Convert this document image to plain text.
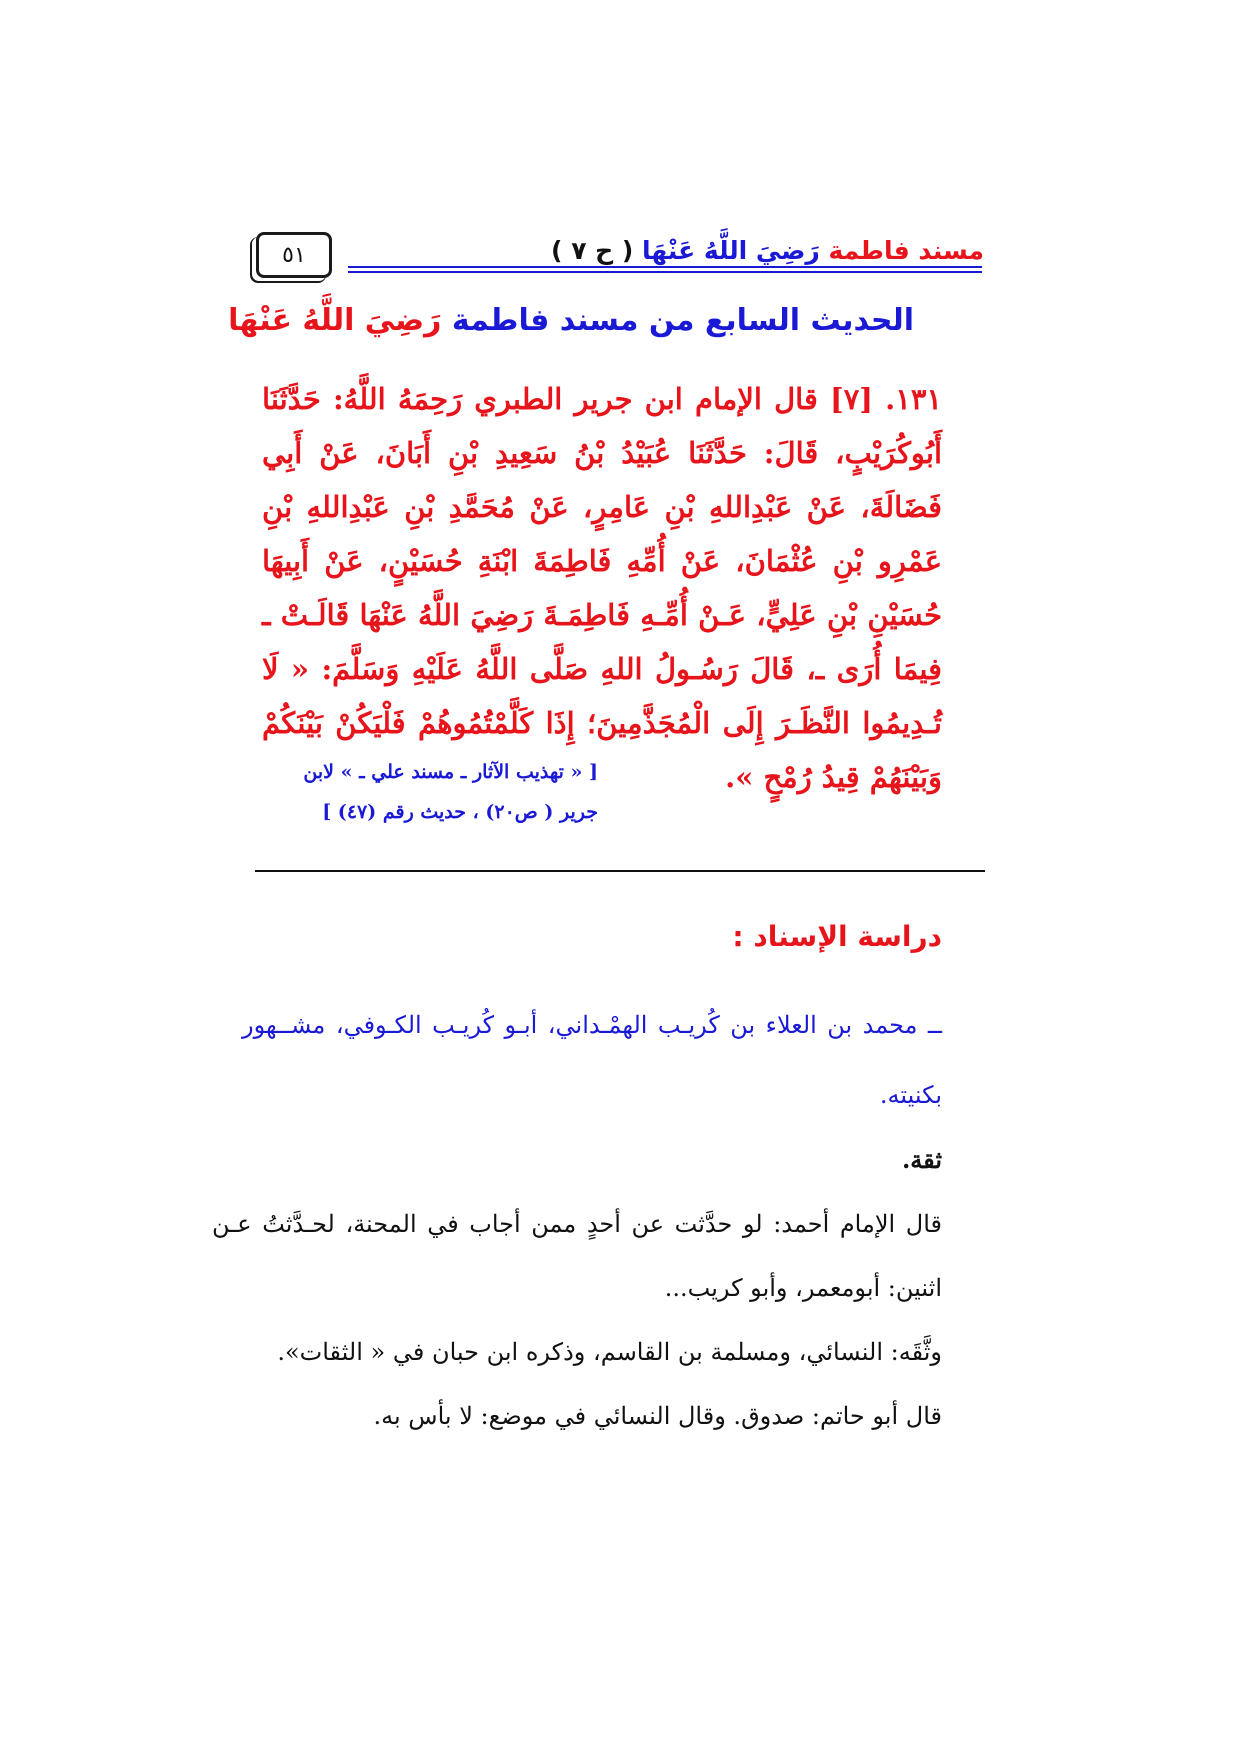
مسند فاطمة رَضِيَ اللَّهُ عَنْهَا ( ح ٧ )
٥١
الحديث السابع من مسند فاطمة رَضِيَ اللَّهُ عَنْهَا
١٣١. [٧] قال الإمام ابن جرير الطبري رَحِمَهُ اللَّهُ: حَدَّثَنَا أَبُوكُرَيْبٍ، قَالَ: حَدَّثَنَا عُبَيْدُ بْنُ سَعِيدِ بْنِ أَبَانَ، عَنْ أَبِي فَضَالَةَ، عَنْ عَبْدِاللهِ بْنِ عَامِرٍ، عَنْ مُحَمَّدِ بْنِ عَبْدِاللهِ بْنِ عَمْرِو بْنِ عُثْمَانَ، عَنْ أُمِّهِ فَاطِمَةَ ابْنَةِ حُسَيْنٍ، عَنْ أَبِيهَا حُسَيْنِ بْنِ عَلِيٍّ، عَـنْ أُمِّـهِ فَاطِمَـةَ رَضِيَ اللَّهُ عَنْهَا قَالَـتْ ـ فِيمَا أُرَى ـ، قَالَ رَسُـولُ اللهِ صَلَّى اللَّهُ عَلَيْهِ وَسَلَّمَ: « لَا تُـدِيمُوا النَّظَـرَ إِلَى الْمُجَذَّمِينَ؛ إِذَا كَلَّمْتُمُوهُمْ فَلْيَكُنْ بَيْنَكُمْ وَبَيْنَهُمْ قِيدُ رُمْحٍ ».
[ « تهذيب الآثار ـ مسند علي ـ » لابن
جرير ( ص٢٠) ، حديث رقم (٤٧) ]
دراسة الإسناد :
ــ محمد بن العلاء بن كُريـب الهمْـداني، أبـو كُريـب الكـوفي، مشــهور بكنيته.
ثقة.
قال الإمام أحمد: لو حدَّثت عن أحدٍ ممن أجاب في المحنة، لحـدَّثتُ عـن اثنين: أبومعمر، وأبو كريب...
وثَّقَه: النسائي، ومسلمة بن القاسم، وذكره ابن حبان في « الثقات».
قال أبو حاتم: صدوق. وقال النسائي في موضع: لا بأس به.
